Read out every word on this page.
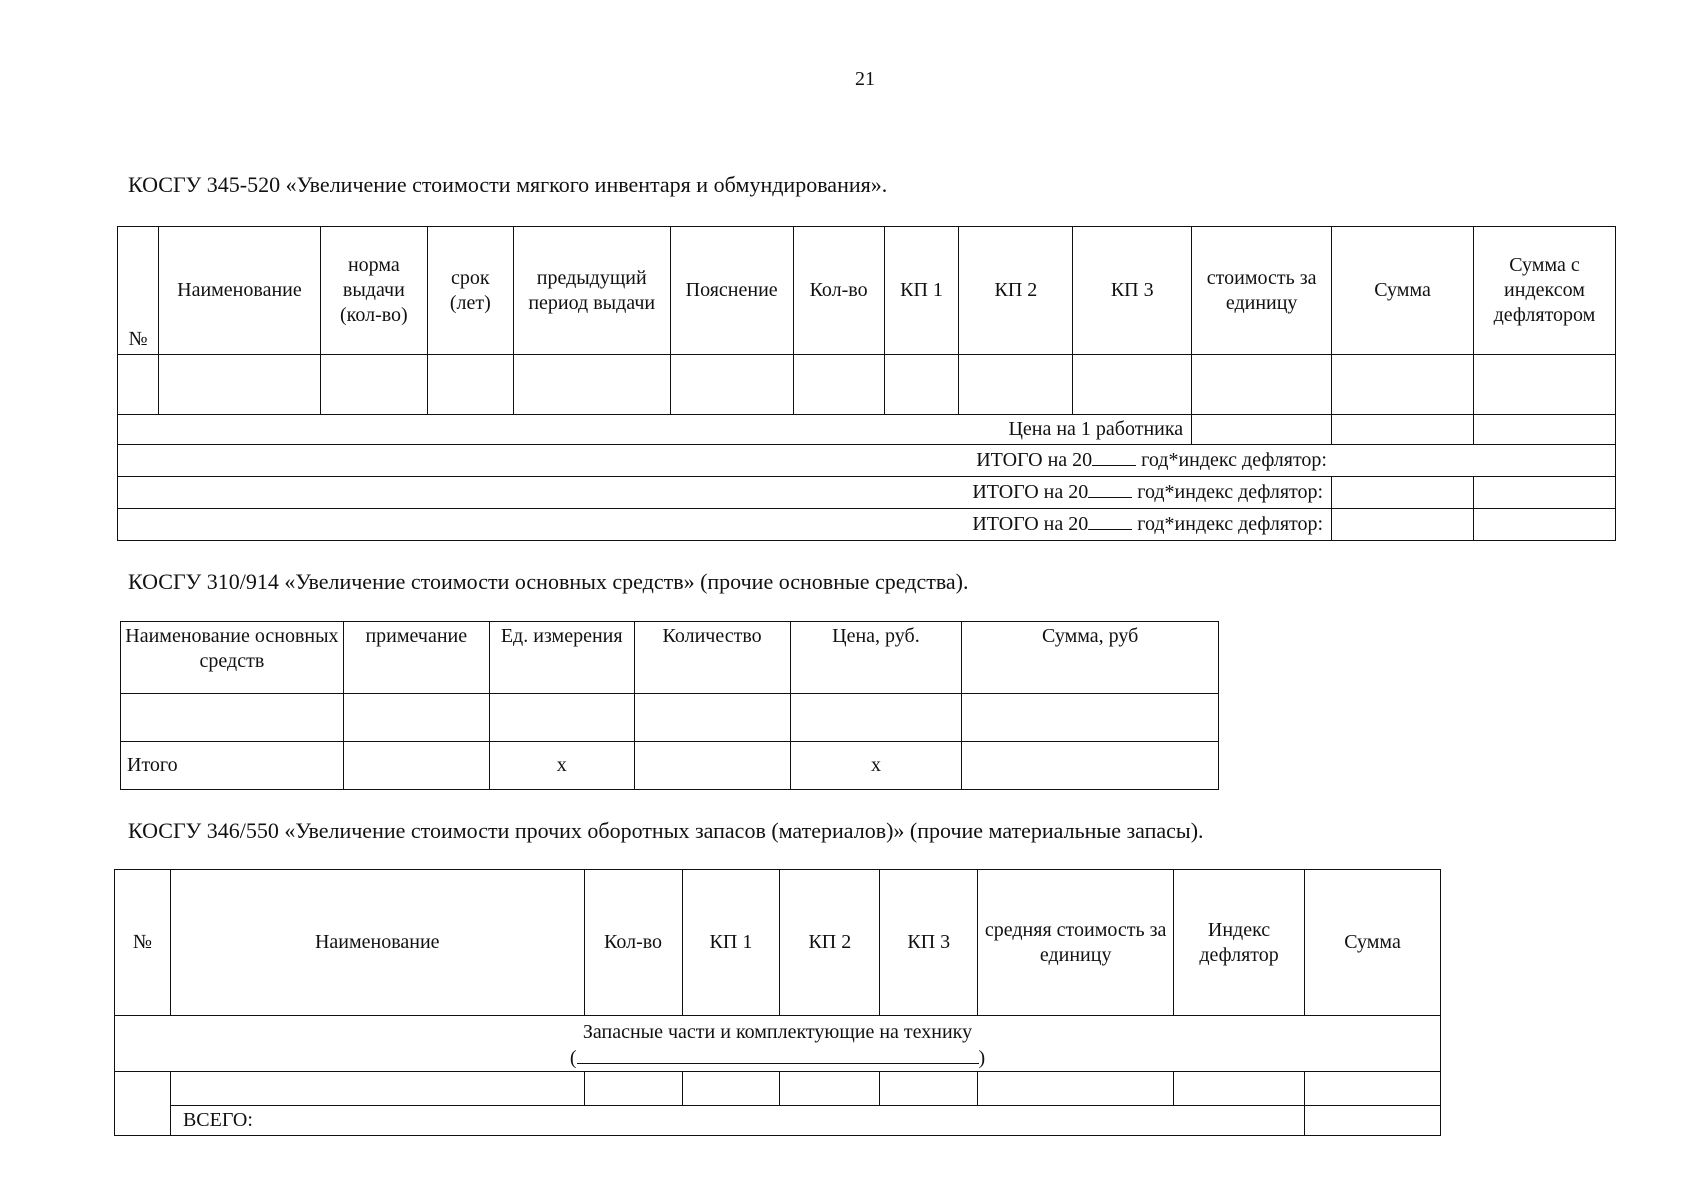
21
КОСГУ 345-520 «Увеличение стоимости мягкого инвентаря и обмундирования».
№	Наименование	норма выдачи (кол-во)	срок (лет)	предыдущий период выдачи	Пояснение	Кол-во	КП 1	КП 2	КП 3	стоимость за единицу	Сумма	Сумма с индексом дефлятором

Цена на 1 работника												
ИТОГО на 20 год*индекс дефлятор:												
ИТОГО на 20 год*индекс дефлятор:												
ИТОГО на 20 год*индекс дефлятор:												
КОСГУ 310/914 «Увеличение стоимости основных средств» (прочие основные средства).
Наименование основных средств	примечание	Ед. измерения	Количество	Цена, руб.	Сумма, руб

Итого		х		х	
КОСГУ 346/550 «Увеличение стоимости прочих оборотных запасов (материалов)» (прочие материальные запасы).
№	Наименование	Кол-во	КП 1	КП 2	КП 3	средняя стоимость за единицу	Индекс дефлятор	Сумма

Запасные части и комплектующие на технику
( )								

	ВСЕГО:							
